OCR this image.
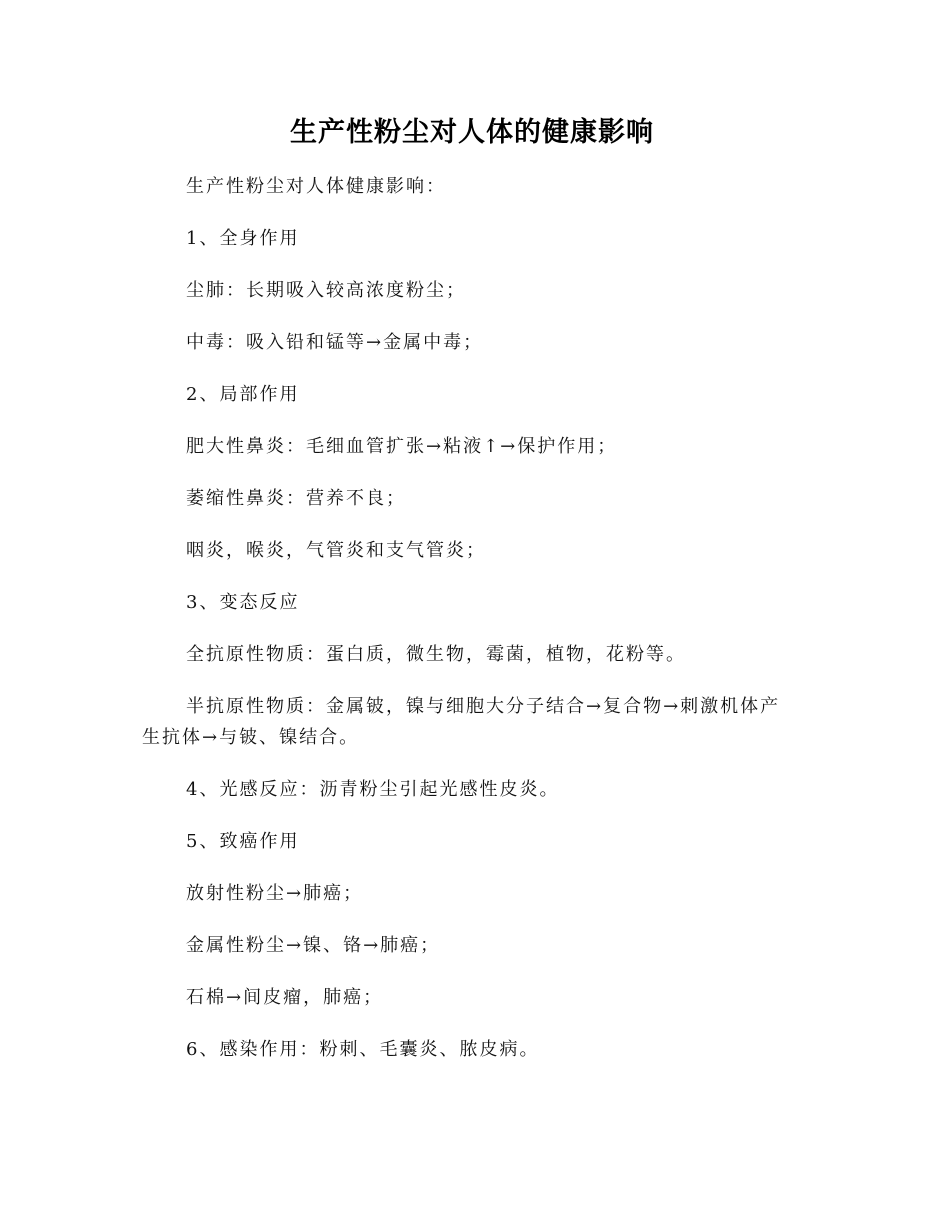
生产性粉尘对人体的健康影响

生产性粉尘对人体健康影响：

1、全身作用

尘肺：长期吸入较高浓度粉尘；

中毒：吸入铅和锰等→金属中毒；

2、局部作用

肥大性鼻炎：毛细血管扩张→粘液↑→保护作用；

萎缩性鼻炎：营养不良；

咽炎，喉炎，气管炎和支气管炎；

3、变态反应

全抗原性物质：蛋白质，微生物，霉菌，植物，花粉等。

半抗原性物质：金属铍，镍与细胞大分子结合→复合物→刺激机体产生抗体→与铍、镍结合。

4、光感反应：沥青粉尘引起光感性皮炎。

5、致癌作用

放射性粉尘→肺癌；

金属性粉尘→镍、铬→肺癌；

石棉→间皮瘤，肺癌；

6、感染作用：粉刺、毛囊炎、脓皮病。
